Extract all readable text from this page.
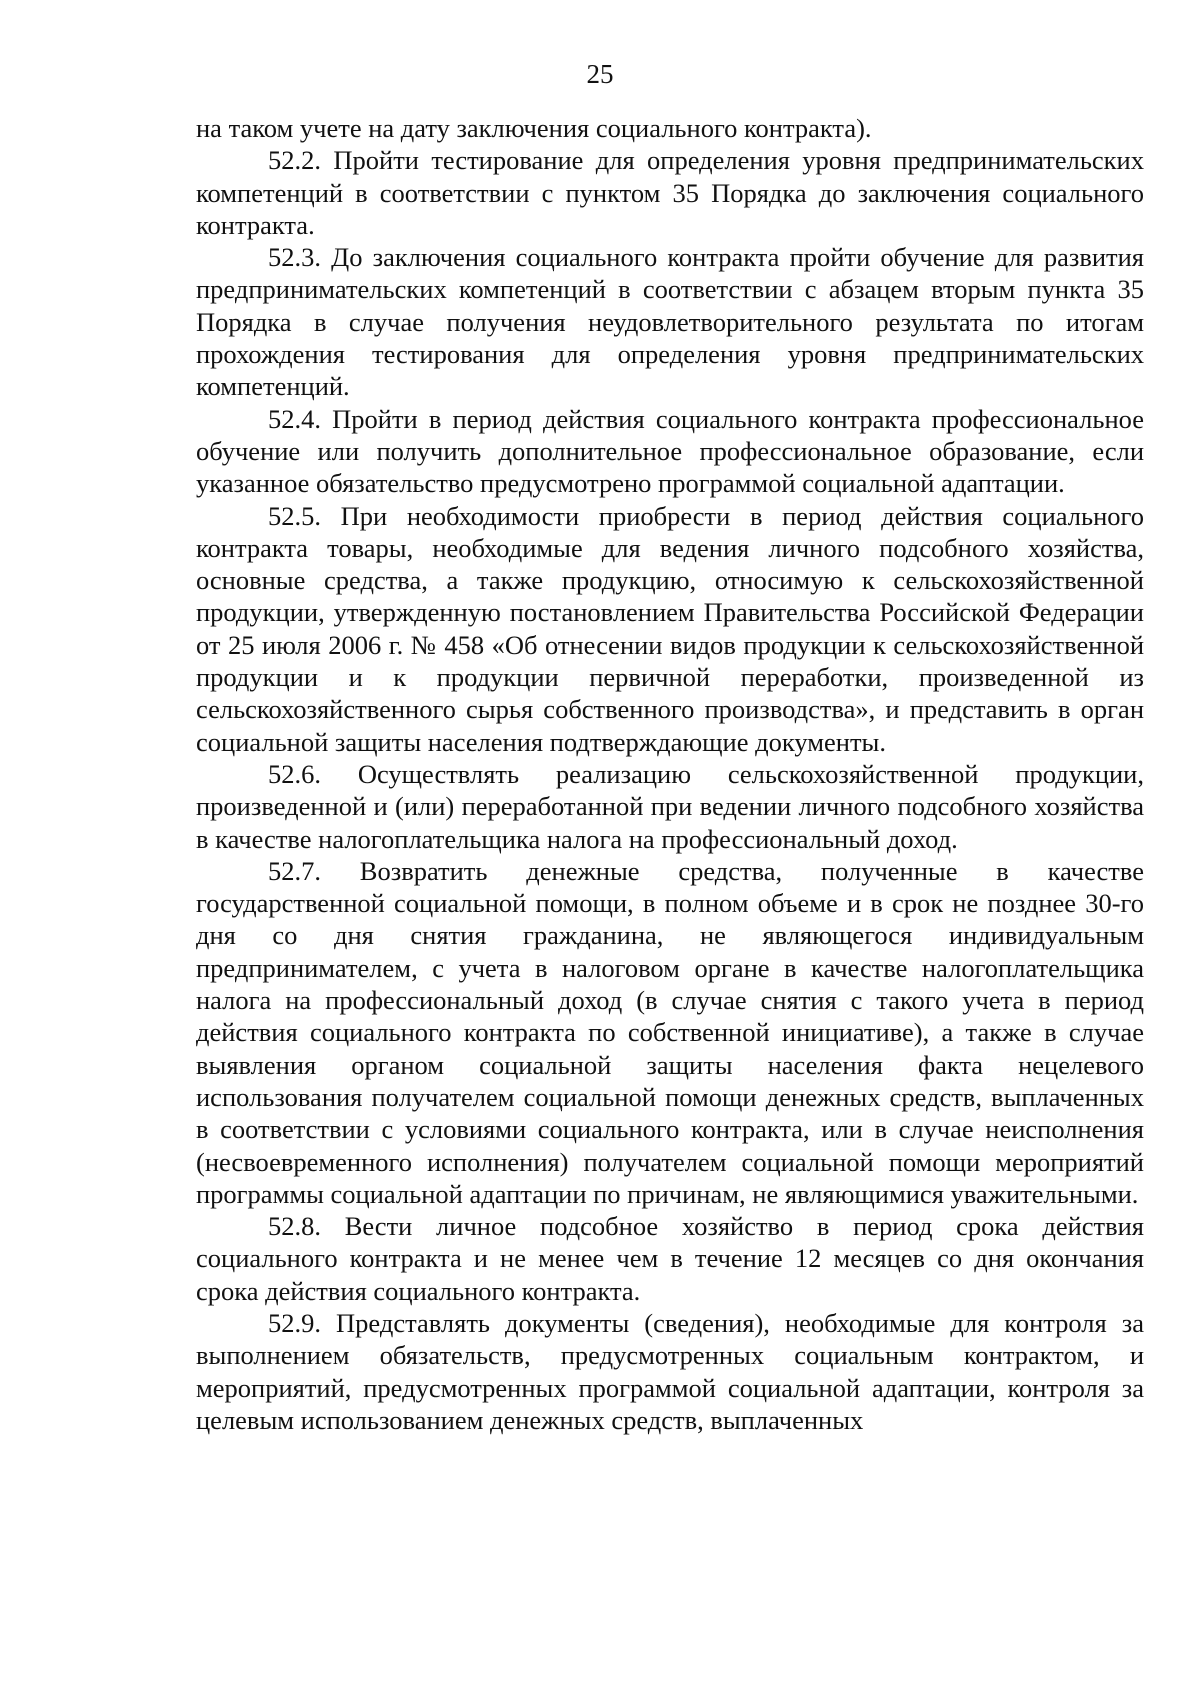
25

на таком учете на дату заключения социального контракта).

52.2. Пройти тестирование для определения уровня предпринимательских компетенций в соответствии с пунктом 35 Порядка до заключения социального контракта.

52.3. До заключения социального контракта пройти обучение для развития предпринимательских компетенций в соответствии с абзацем вторым пункта 35 Порядка в случае получения неудовлетворительного результата по итогам прохождения тестирования для определения уровня предпринимательских компетенций.

52.4. Пройти в период действия социального контракта профессиональное обучение или получить дополнительное профессиональное образование, если указанное обязательство предусмотрено программой социальной адаптации.

52.5. При необходимости приобрести в период действия социального контракта товары, необходимые для ведения личного подсобного хозяйства, основные средства, а также продукцию, относимую к сельскохозяйственной продукции, утвержденную постановлением Правительства Российской Федерации от 25 июля 2006 г. № 458 «Об отнесении видов продукции к сельскохозяйственной продукции и к продукции первичной переработки, произведенной из сельскохозяйственного сырья собственного производства», и представить в орган социальной защиты населения подтверждающие документы.

52.6. Осуществлять реализацию сельскохозяйственной продукции, произведенной и (или) переработанной при ведении личного подсобного хозяйства в качестве налогоплательщика налога на профессиональный доход.

52.7. Возвратить денежные средства, полученные в качестве государственной социальной помощи, в полном объеме и в срок не позднее 30-го дня со дня снятия гражданина, не являющегося индивидуальным предпринимателем, с учета в налоговом органе в качестве налогоплательщика налога на профессиональный доход (в случае снятия с такого учета в период действия социального контракта по собственной инициативе), а также в случае выявления органом социальной защиты населения факта нецелевого использования получателем социальной помощи денежных средств, выплаченных в соответствии с условиями социального контракта, или в случае неисполнения (несвоевременного исполнения) получателем социальной помощи мероприятий программы социальной адаптации по причинам, не являющимися уважительными.

52.8. Вести личное подсобное хозяйство в период срока действия социального контракта и не менее чем в течение 12 месяцев со дня окончания срока действия социального контракта.

52.9. Представлять документы (сведения), необходимые для контроля за выполнением обязательств, предусмотренных социальным контрактом, и мероприятий, предусмотренных программой социальной адаптации, контроля за целевым использованием денежных средств, выплаченных
